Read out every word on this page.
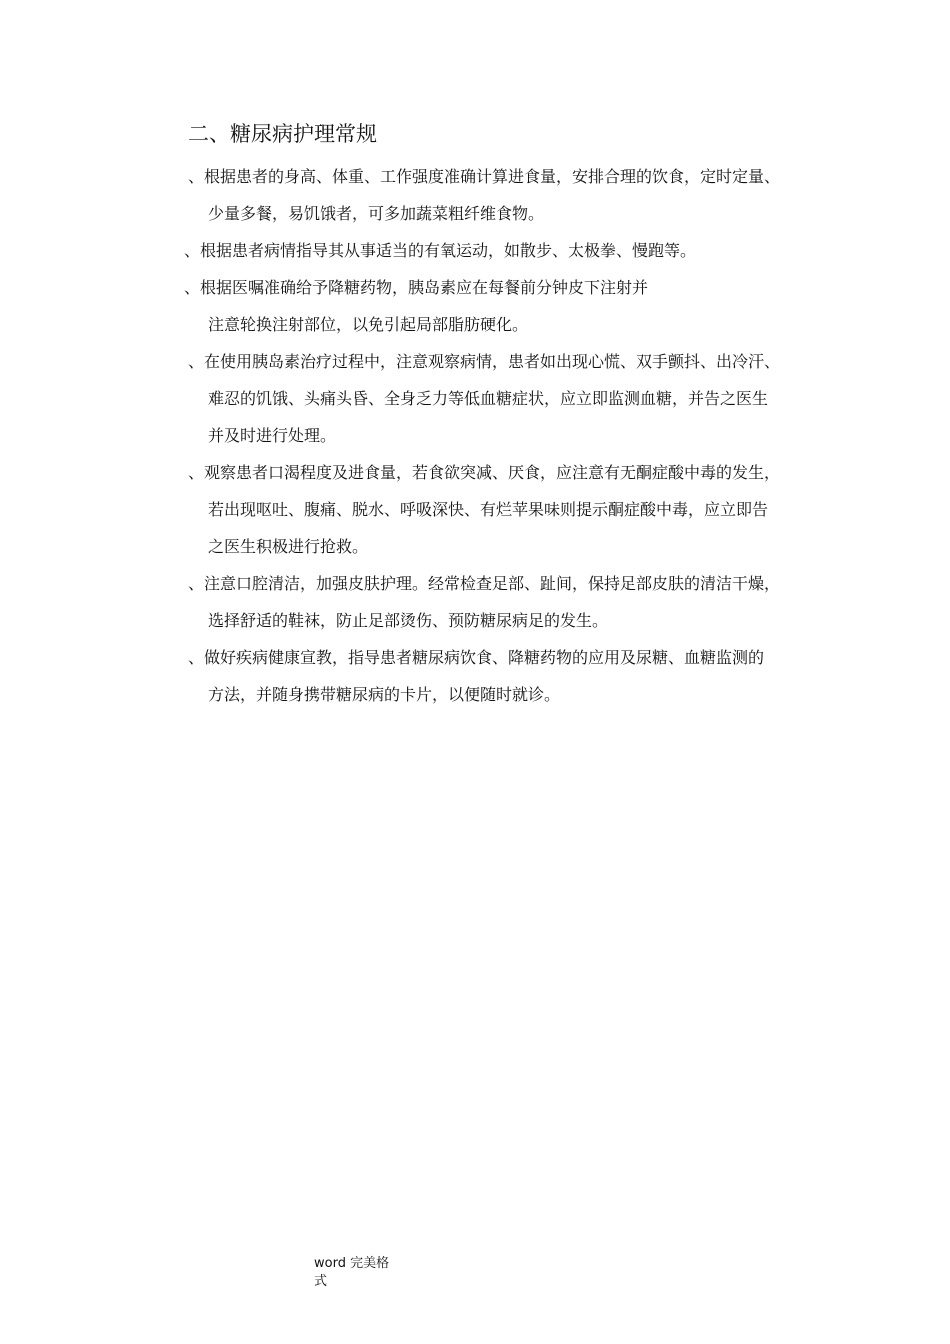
二、糖尿病护理常规
、根据患者的身高、体重、工作强度准确计算进食量，安排合理的饮食，定时定量、
少量多餐，易饥饿者，可多加蔬菜粗纤维食物。
、根据患者病情指导其从事适当的有氧运动，如散步、太极拳、慢跑等。
、根据医嘱准确给予降糖药物，胰岛素应在每餐前分钟皮下注射并
注意轮换注射部位，以免引起局部脂肪硬化。
、在使用胰岛素治疗过程中，注意观察病情，患者如出现心慌、双手颤抖、出冷汗、
难忍的饥饿、头痛头昏、全身乏力等低血糖症状，应立即监测血糖，并告之医生
并及时进行处理。
、观察患者口渴程度及进食量，若食欲突减、厌食，应注意有无酮症酸中毒的发生，
若出现呕吐、腹痛、脱水、呼吸深快、有烂苹果味则提示酮症酸中毒，应立即告
之医生积极进行抢救。
、注意口腔清洁，加强皮肤护理。经常检查足部、趾间，保持足部皮肤的清洁干燥，
选择舒适的鞋袜，防止足部烫伤、预防糖尿病足的发生。
、做好疾病健康宣教，指导患者糖尿病饮食、降糖药物的应用及尿糖、血糖监测的
方法，并随身携带糖尿病的卡片，以便随时就诊。
word 完美格
式
